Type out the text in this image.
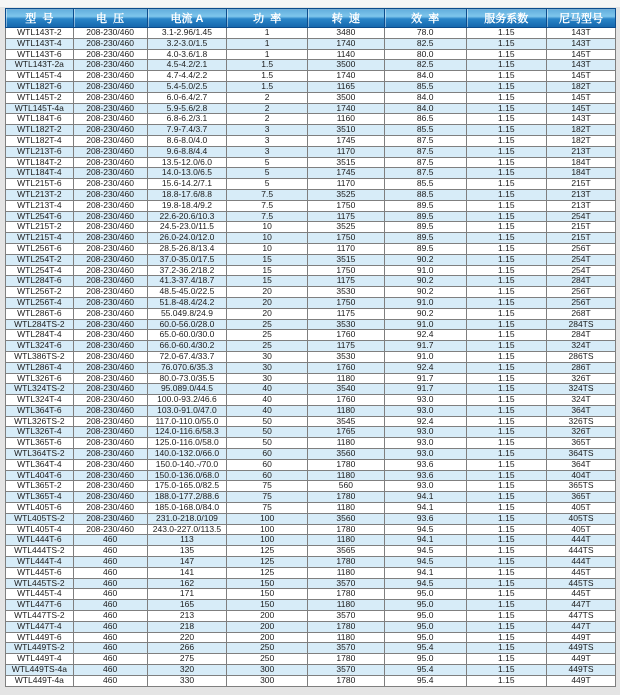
型  号	电  压	电流 A	功  率	转  速	效  率	服务系数	尼马型号
WTL143T-2	208-230/460	3.1-2.96/1.45	1	3480	78.0	1.15	143T
WTL143T-4	208-230/460	3.2-3.0/1.5	1	1740	82.5	1.15	143T
WTL143T-6	208-230/460	4.0-3.6/1.8	1	1140	80.0	1.15	145T
WTL143T-2a	208-230/460	4.5-4.2/2.1	1.5	3500	82.5	1.15	143T
WTL145T-4	208-230/460	4.7-4.4/2.2	1.5	1740	84.0	1.15	145T
WTL182T-6	208-230/460	5.4-5.0/2.5	1.5	1165	85.5	1.15	182T
WTL145T-2	208-230/460	6.0-6.4/2.7	2	3500	84.0	1.15	145T
WTL145T-4a	208-230/460	5.9-5.6/2.8	2	1740	84.0	1.15	145T
WTL184T-6	208-230/460	6.8-6.2/3.1	2	1160	86.5	1.15	143T
WTL182T-2	208-230/460	7.9-7.4/3.7	3	3510	85.5	1.15	182T
WTL182T-4	208-230/460	8.6-8.0/4.0	3	1745	87.5	1.15	182T
WTL213T-6	208-230/460	9.6-8.8/4.4	3	1170	87.5	1.15	213T
WTL184T-2	208-230/460	13.5-12.0/6.0	5	3515	87.5	1.15	184T
WTL184T-4	208-230/460	14.0-13.0/6.5	5	1745	87.5	1.15	184T
WTL215T-6	208-230/460	15.6-14.2/7.1	5	1170	85.5	1.15	215T
WTL213T-2	208-230/460	18.8-17.6/8.8	7.5	3525	88.5	1.15	213T
WTL213T-4	208-230/460	19.8-18.4/9.2	7.5	1750	89.5	1.15	213T
WTL254T-6	208-230/460	22.6-20.6/10.3	7.5	1175	89.5	1.15	254T
WTL215T-2	208-230/460	24.5-23.0/11.5	10	3525	89.5	1.15	215T
WTL215T-4	208-230/460	26.0-24.0/12.0	10	1750	89.5	1.15	215T
WTL256T-6	208-230/460	28.5-26.8/13.4	10	1170	89.5	1.15	256T
WTL254T-2	208-230/460	37.0-35.0/17.5	15	3515	90.2	1.15	254T
WTL254T-4	208-230/460	37.2-36.2/18.2	15	1750	91.0	1.15	254T
WTL284T-6	208-230/460	41.3-37.4/18.7	15	1175	90.2	1.15	284T
WTL256T-2	208-230/460	48.5-45.0/22.5	20	3530	90.2	1.15	256T
WTL256T-4	208-230/460	51.8-48.4/24.2	20	1750	91.0	1.15	256T
WTL286T-6	208-230/460	55.049.8/24.9	20	1175	90.2	1.15	268T
WTL284TS-2	208-230/460	60.0-56.0/28.0	25	3530	91.0	1.15	284TS
WTL284T-4	208-230/460	65.0-60.0/30.0	25	1760	92.4	1.15	284T
WTL324T-6	208-230/460	66.0-60.4/30.2	25	1175	91.7	1.15	324T
WTL386TS-2	208-230/460	72.0-67.4/33.7	30	3530	91.0	1.15	286TS
WTL286T-4	208-230/460	76.070.6/35.3	30	1760	92.4	1.15	286T
WTL326T-6	208-230/460	80.0-73.0/35.5	30	1180	91.7	1.15	326T
WTL324TS-2	208-230/460	95.089.0/44.5	40	3540	91.7	1.15	324TS
WTL324T-4	208-230/460	100.0-93.2/46.6	40	1760	93.0	1.15	324T
WTL364T-6	208-230/460	103.0-91.0/47.0	40	1180	93.0	1.15	364T
WTL326TS-2	208-230/460	117.0-110.0/55.0	50	3545	92.4	1.15	326TS
WTL326T-4	208-230/460	124.0-116.6/58.3	50	1765	93.0	1.15	326T
WTL365T-6	208-230/460	125.0-116.0/58.0	50	1180	93.0	1.15	365T
WTL364TS-2	208-230/460	140.0-132.0/66.0	60	3560	93.0	1.15	364TS
WTL364T-4	208-230/460	150.0-140.-/70.0	60	1780	93.6	1.15	364T
WTL404T-6	208-230/460	150.0-136.0/68.0	60	1180	93.6	1.15	404T
WTL365T-2	208-230/460	175.0-165.0/82.5	75	560	93.0	1.15	365TS
WTL365T-4	208-230/460	188.0-177.2/88.6	75	1780	94.1	1.15	365T
WTL405T-6	208-230/460	185.0-168.0/84.0	75	1180	94.1	1.15	405T
WTL405TS-2	208-230/460	231.0-218.0/109	100	3560	93.6	1.15	405TS
WTL405T-4	208-230/460	243.0-227.0/113.5	100	1780	94.5	1.15	405T
WTL444T-6	460	113	100	1180	94.1	1.15	444T
WTL444TS-2	460	135	125	3565	94.5	1.15	444TS
WTL444T-4	460	147	125	1780	94.5	1.15	444T
WTL445T-6	460	141	125	1180	94.1	1.15	445T
WTL445TS-2	460	162	150	3570	94.5	1.15	445TS
WTL445T-4	460	171	150	1780	95.0	1.15	445T
WTL447T-6	460	165	150	1180	95.0	1.15	447T
WTL447TS-2	460	213	200	3570	95.0	1.15	447TS
WTL447T-4	460	218	200	1780	95.0	1.15	447T
WTL449T-6	460	220	200	1180	95.0	1.15	449T
WTL449TS-2	460	266	250	3570	95.4	1.15	449TS
WTL449T-4	460	275	250	1780	95.0	1.15	449T
WTL449TS-4a	460	320	300	3570	95.4	1.15	449TS
WTL449T-4a	460	330	300	1780	95.4	1.15	449T
